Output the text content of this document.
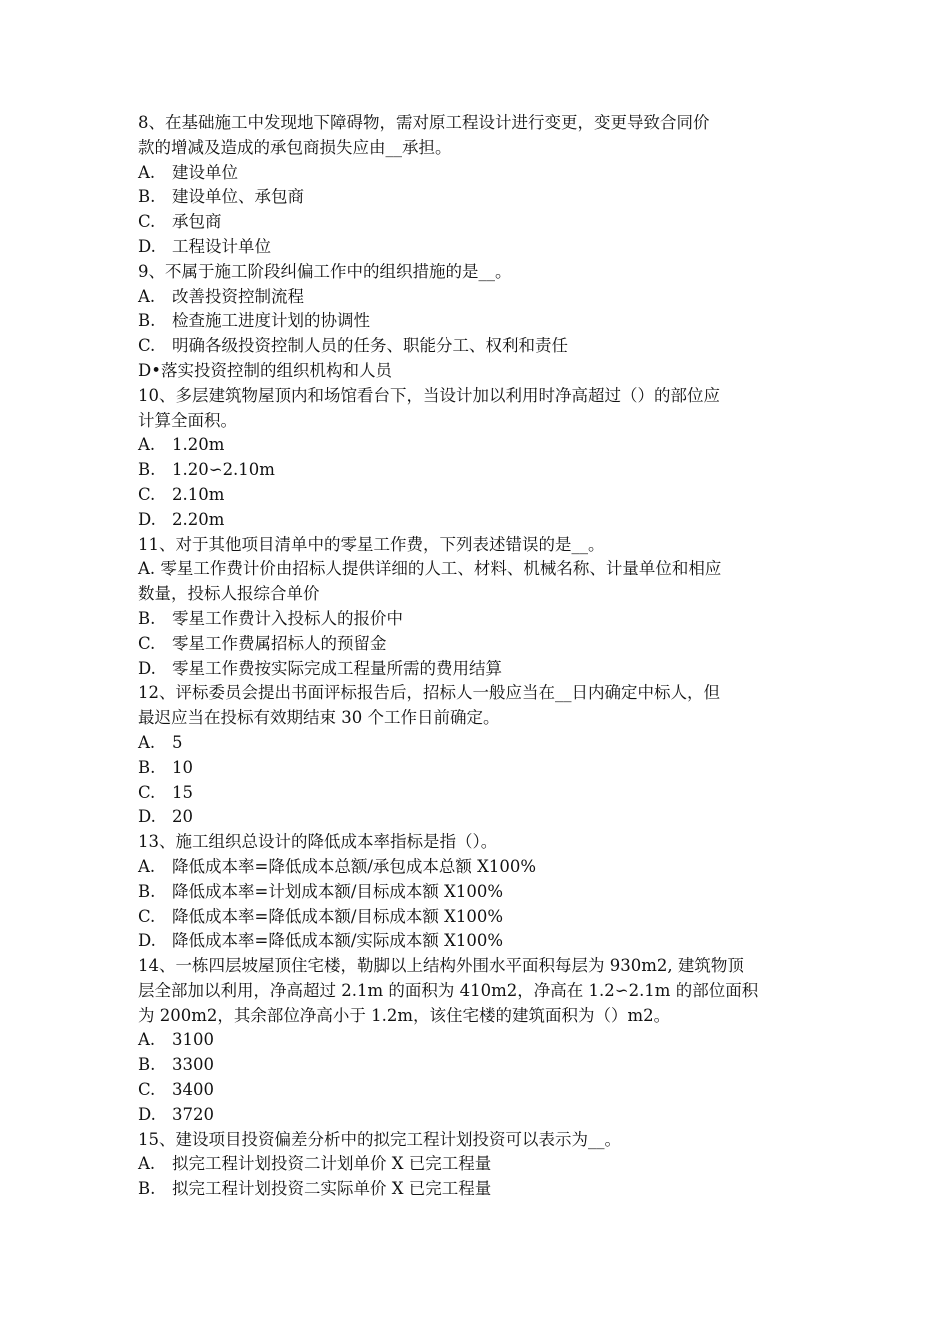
8、在基础施工中发现地下障碍物，需对原工程设计进行变更，变更导致合同价
款的增减及造成的承包商损失应由__承担。
A.	建设单位
B.	建设单位、承包商
C.	承包商
D. 工程设计单位
9、不属于施工阶段纠偏工作中的组织措施的是__。
A.	改善投资控制流程
B.	检查施工进度计划的协调性
C.	明确各级投资控制人员的任务、职能分工、权利和责任
D• 落实投资控制的组织机构和人员
10、多层建筑物屋顶内和场馆看台下，当设计加以利用时净高超过（）的部位应
计算全面积。
A.	1.20m
B.	1.20∽2.10m
C.	2.10m
D. 2.20m
11、对于其他项目清单中的零星工作费，下列表述错误的是__。
A. 零星工作费计价由招标人提供详细的人工、材料、机械名称、计量单位和相应
数量，投标人报综合单价
B.	零星工作费计入投标人的报价中
C.	零星工作费属招标人的预留金
D. 零星工作费按实际完成工程量所需的费用结算
12、评标委员会提出书面评标报告后，招标人一般应当在__日内确定中标人，但
最迟应当在投标有效期结束 30 个工作日前确定。
A.	5
B.	10
C.	15
D. 20
13、施工组织总设计的降低成本率指标是指（）。
A.	降低成本率=降低成本总额/承包成本总额 X100%
B.	降低成本率=计划成本额/目标成本额 X100%
C.	降低成本率=降低成本额/目标成本额 X100%
D. 降低成本率=降低成本额/实际成本额 X100%
14、一栋四层坡屋顶住宅楼，勒脚以上结构外围水平面积每层为 930m2, 建筑物顶
层全部加以利用，净高超过 2.1m 的面积为 410m2，净高在 1.2∽2.1m 的部位面积
为 200m2，其余部位净高小于 1.2m，该住宅楼的建筑面积为（）m2。
A.	3100
B.	3300
C.	3400
D. 3720
15、建设项目投资偏差分析中的拟完工程计划投资可以表示为__。
A.	拟完工程计划投资二计划单价 X 已完工程量
B.	拟完工程计划投资二实际单价 X 已完工程量
